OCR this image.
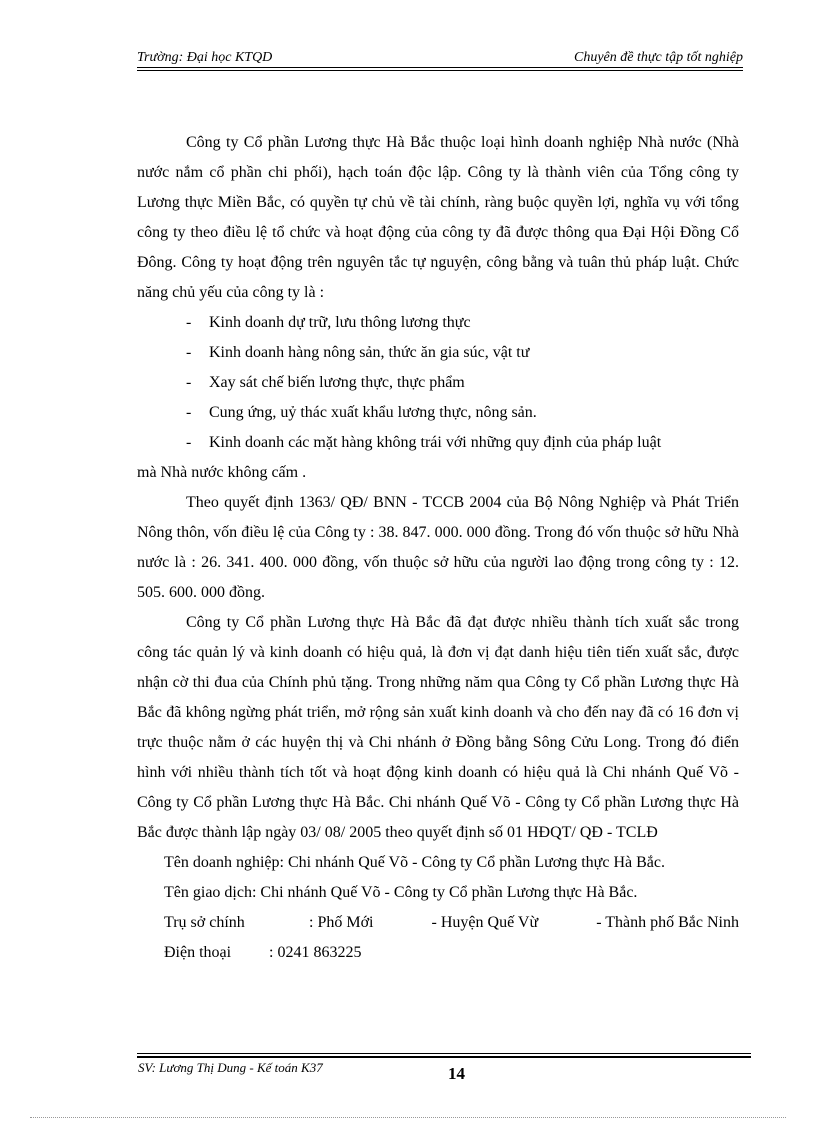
Trường: Đại học KTQD	Chuyên đề thực tập tốt nghiệp

Công ty Cổ phần Lương thực Hà Bắc thuộc loại hình doanh nghiệp Nhà nước (Nhà nước nắm cổ phần chi phối), hạch toán độc lập. Công ty là thành viên của Tổng công ty Lương thực Miền Bắc, có quyền tự chủ về tài chính, ràng buộc quyền lợi, nghĩa vụ với tổng công ty theo điều lệ tổ chức và hoạt động của công ty đã được thông qua Đại Hội Đồng Cổ Đông. Công ty hoạt động trên nguyên tắc tự nguyện, công bằng và tuân thủ pháp luật. Chức năng chủ yếu của công ty là :

- Kinh doanh dự trữ, lưu thông lương thực

- Kinh doanh hàng nông sản, thức ăn gia súc, vật tư

- Xay sát chế biến lương thực, thực phẩm

- Cung ứng, uỷ thác xuất khẩu lương thực, nông sản.

- Kinh doanh các mặt hàng không trái với những quy định của pháp luật

mà Nhà nước không cấm .

Theo quyết định 1363/ QĐ/ BNN - TCCB 2004 của Bộ Nông Nghiệp và Phát Triển Nông thôn, vốn điều lệ của Công ty : 38. 847. 000. 000 đồng. Trong đó vốn thuộc sở hữu Nhà nước là : 26. 341. 400. 000 đồng, vốn thuộc sở hữu của người lao động trong công ty : 12. 505. 600. 000 đồng.

Công ty Cổ phần Lương thực Hà Bắc đã đạt được nhiều thành tích xuất sắc trong công tác quản lý và kinh doanh có hiệu quả, là đơn vị đạt danh hiệu tiên tiến xuất sắc, được nhận cờ thi đua của Chính phủ tặng. Trong những năm qua Công ty Cổ phần Lương thực Hà Bắc đã không ngừng phát triển, mở rộng sản xuất kinh doanh và cho đến nay đã có 16 đơn vị trực thuộc nằm ở các huyện thị và Chi nhánh ở Đồng bằng Sông Cửu Long. Trong đó điển hình với nhiều thành tích tốt và hoạt động kinh doanh có hiệu quả là Chi nhánh Quế Võ - Công ty Cổ phần Lương thực Hà Bắc. Chi nhánh Quế Võ - Công ty Cổ phần Lương thực Hà Bắc được thành lập ngày 03/ 08/ 2005 theo quyết định số 01 HĐQT/ QĐ - TCLĐ

Tên doanh nghiệp: Chi nhánh Quế Võ - Công ty Cổ phần Lương thực Hà Bắc.

Tên giao dịch: Chi nhánh Quế Võ - Công ty Cổ phần Lương thực Hà Bắc.

Trụ sở chính	: Phố Mới	- Huyện Quế Vừ	- Thành phố Bắc Ninh
Điện thoại	: 0241 863225
SV: Lương Thị Dung - Kế toán K37	14
